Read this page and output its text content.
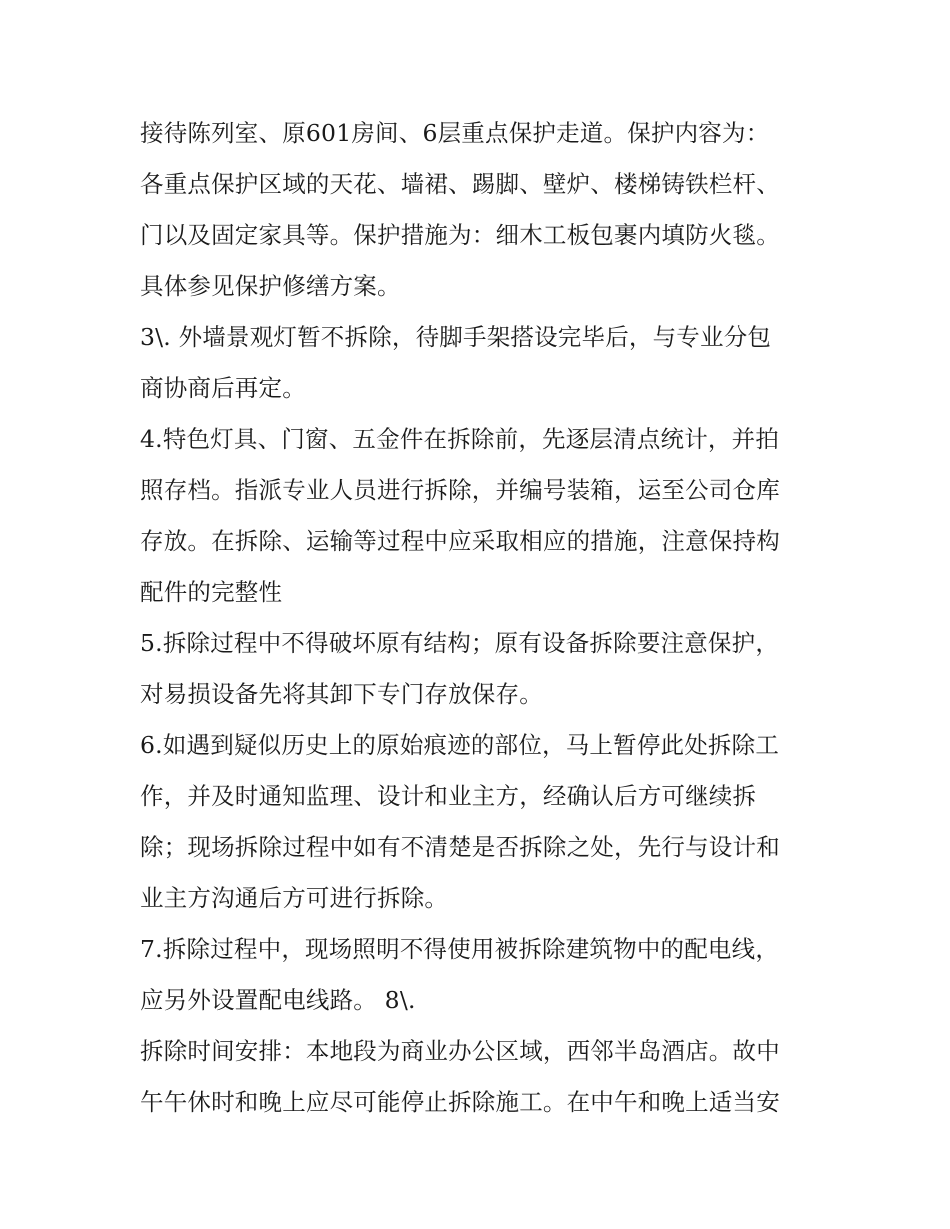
接待陈列室、原601房间、6层重点保护走道。保护内容为：
各重点保护区域的天花、墙裙、踢脚、壁炉、楼梯铸铁栏杆、
门以及固定家具等。保护措施为：细木工板包裹内填防火毯。
具体参见保护修缮方案。
3\. 外墙景观灯暂不拆除，待脚手架搭设完毕后，与专业分包
商协商后再定。
4.特色灯具、门窗、五金件在拆除前，先逐层清点统计，并拍
照存档。指派专业人员进行拆除，并编号装箱，运至公司仓库
存放。在拆除、运输等过程中应采取相应的措施，注意保持构
配件的完整性
5.拆除过程中不得破坏原有结构；原有设备拆除要注意保护，
对易损设备先将其卸下专门存放保存。
6.如遇到疑似历史上的原始痕迹的部位，马上暂停此处拆除工
作，并及时通知监理、设计和业主方，经确认后方可继续拆
除；现场拆除过程中如有不清楚是否拆除之处，先行与设计和
业主方沟通后方可进行拆除。
7.拆除过程中，现场照明不得使用被拆除建筑物中的配电线，
应另外设置配电线路。 8\.
拆除时间安排：本地段为商业办公区域，西邻半岛酒店。故中
午午休时和晚上应尽可能停止拆除施工。在中午和晚上适当安
